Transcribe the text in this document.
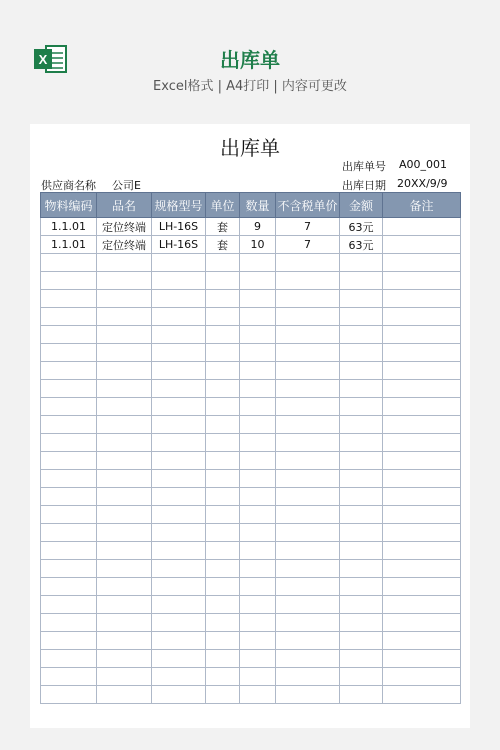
X	出库单
Excel格式 | A4打印 | 内容可更改
出库单
出库单号 A00_001
供应商名称 公司E	出库日期 20XX/9/9
物料编码	品名	规格型号	单位	数量	不含税单价	金额	备注
1.1.01	定位终端	LH-16S	套	9	7	63元	
1.1.01	定位终端	LH-16S	套	10	7	63元	
